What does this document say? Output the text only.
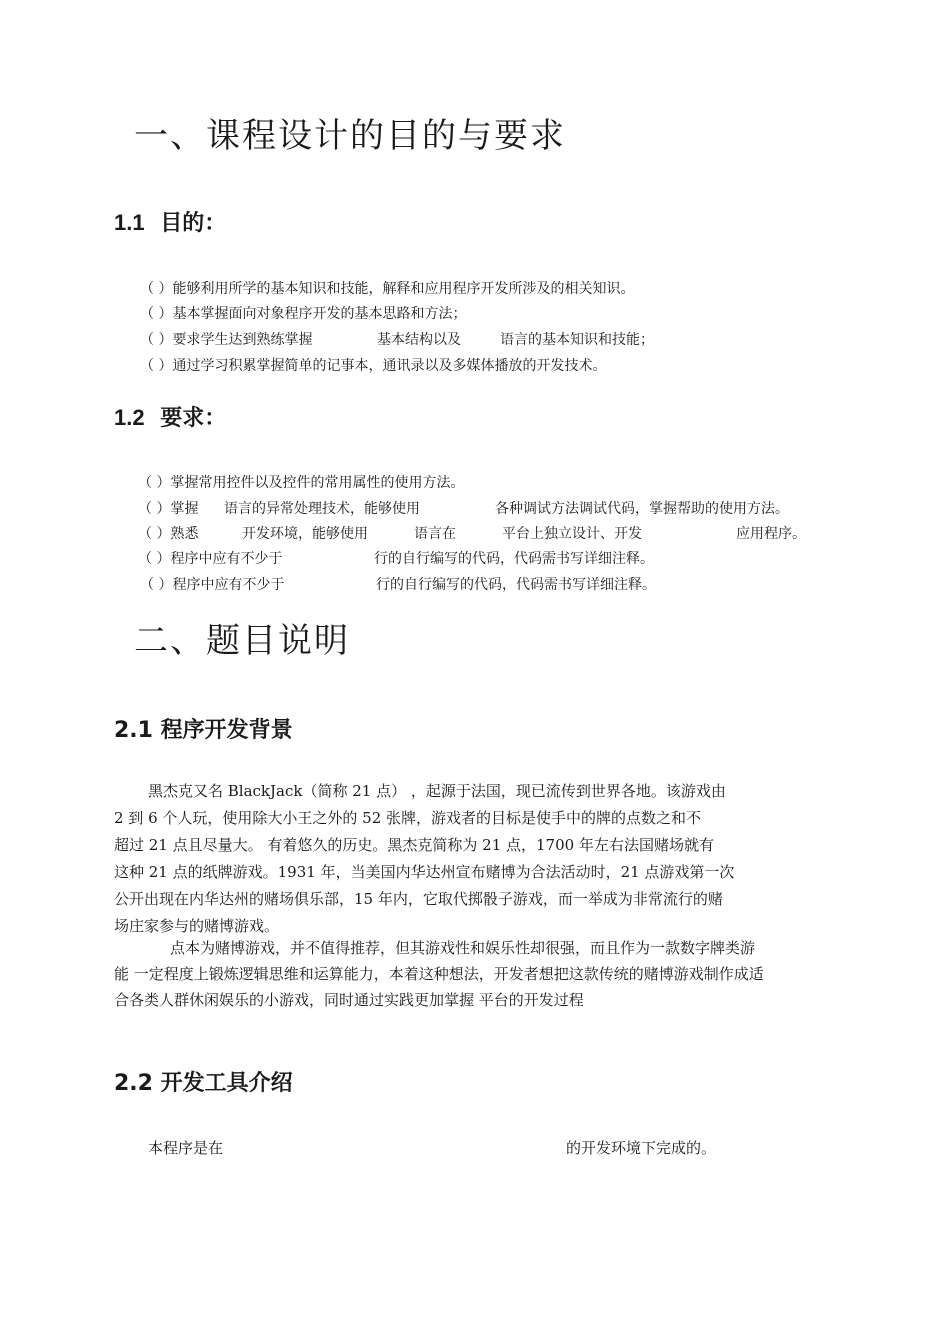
一、课程设计的目的与要求
1.1 目的：
（ ）能够利用所学的基本知识和技能，解释和应用程序开发所涉及的相关知识。
（ ）基本掌握面向对象程序开发的基本思路和方法；
（ ）要求学生达到熟练掌握	基本结构以及	语言的基本知识和技能；
（ ）通过学习积累掌握简单的记事本，通讯录以及多媒体播放的开发技术。
1.2 要求：
（ ）掌握常用控件以及控件的常用属性的使用方法。
（ ）掌握 语言的异常处理技术，能够使用	各种调试方法调试代码，掌握帮助的使用方法。
（ ）熟悉	开发环境，能够使用	语言在	平台上独立设计、开发	应用程序。
（ ）程序中应有不少于	行的自行编写的代码，代码需书写详细注释。
（ ）程序中应有不少于	行的自行编写的代码，代码需书写详细注释。
二、题目说明
2.1 程序开发背景
黑杰克又名 BlackJack（简称 21 点） ，起源于法国，现已流传到世界各地。该游戏由
2 到 6 个人玩，使用除大小王之外的 52 张牌，游戏者的目标是使手中的牌的点数之和不
超过 21 点且尽量大。 有着悠久的历史。黑杰克简称为 21 点，1700 年左右法国赌场就有
这种 21 点的纸牌游戏。1931 年，当美国内华达州宣布赌博为合法活动时，21 点游戏第一次
公开出现在内华达州的赌场俱乐部，15 年内，它取代掷骰子游戏，而一举成为非常流行的赌
场庄家参与的赌博游戏。
点本为赌博游戏，并不值得推荐，但其游戏性和娱乐性却很强，而且作为一款数字牌类游
能 一定程度上锻炼逻辑思维和运算能力，本着这种想法，开发者想把这款传统的赌博游戏制作成适
合各类人群休闲娱乐的小游戏，同时通过实践更加掌握 平台的开发过程
2.2 开发工具介绍
本程序是在	的开发环境下完成的。
